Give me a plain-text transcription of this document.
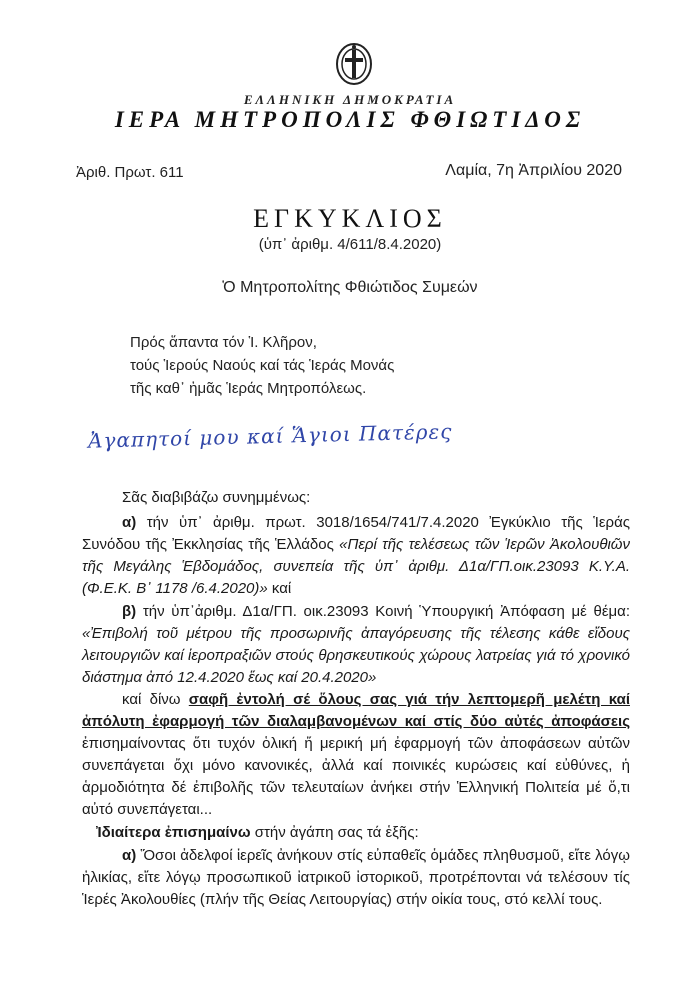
ΕΛΛΗΝΙΚΗ ΔΗΜΟΚΡΑΤΙΑ
ΙΕΡΑ ΜΗΤΡΟΠΟΛΙΣ ΦΘΙΩΤΙΔΟΣ
Ἀριθ. Πρωτ. 611	Λαμία, 7η Ἀπριλίου 2020
ΕΓΚΥΚΛΙΟΣ
(ὑπ᾽ ἀριθμ. 4/611/8.4.2020)
Ὁ Μητροπολίτης Φθιώτιδος Συμεών
Πρός ἅπαντα τόν Ἱ. Κλῆρον,
τούς Ἱερούς Ναούς καί τάς Ἱεράς Μονάς
τῆς καθ᾽ ἡμᾶς Ἱεράς Μητροπόλεως.
Ἀγαπητοί μου καί Ἅγιοι Πατέρες
Σᾶς διαβιβάζω συνημμένως:
α) τήν ὑπ᾽ ἀριθμ. πρωτ. 3018/1654/741/7.4.2020 Ἐγκύκλιο τῆς Ἱεράς Συνόδου τῆς Ἐκκλησίας τῆς Ἑλλάδος «Περί τῆς τελέσεως τῶν Ἱερῶν Ἀκολουθιῶν τῆς Μεγάλης Ἑβδομάδος, συνεπεία τῆς ὑπ᾽ ἀριθμ. Δ1α/ΓΠ.οικ.23093 Κ.Υ.Α. (Φ.Ε.Κ. Β᾽ 1178 /6.4.2020)» καί
β) τήν ὑπ᾽ἀριθμ. Δ1α/ΓΠ. οικ.23093 Κοινή Ὑπουργική Ἀπόφαση μέ θέμα: «Ἐπιβολή τοῦ μέτρου τῆς προσωρινῆς ἀπαγόρευσης τῆς τέλεσης κάθε εἴδους λειτουργιῶν καί ἱεροπραξιῶν στούς θρησκευτικούς χώρους λατρείας γιά τό χρονικό διάστημα ἀπό 12.4.2020 ἕως καί 20.4.2020»
καί δίνω σαφῆ ἐντολή σέ ὅλους σας γιά τήν λεπτομερῆ μελέτη καί ἀπόλυτη ἐφαρμογή τῶν διαλαμβανομένων καί στίς δύο αὐτές ἀποφάσεις ἐπισημαίνοντας ὅτι τυχόν ὁλική ἤ μερική μή ἐφαρμογή τῶν ἀποφάσεων αὐτῶν συνεπάγεται ὄχι μόνο κανονικές, ἀλλά καί ποινικές κυρώσεις καί εὐθύνες, ἡ ἁρμοδιότητα δέ ἐπιβολῆς τῶν τελευταίων ἀνήκει στήν Ἑλληνική Πολιτεία μέ ὅ,τι αὐτό συνεπάγεται...
Ἰδιαίτερα ἐπισημαίνω στήν ἀγάπη σας τά ἑξῆς:
α) Ὅσοι ἀδελφοί ἱερεῖς ἀνήκουν στίς εὐπαθεῖς ὁμάδες πληθυσμοῦ, εἴτε λόγῳ ἡλικίας, εἴτε λόγῳ προσωπικοῦ ἰατρικοῦ ἱστορικοῦ, προτρέπονται νά τελέσουν τίς Ἱερές Ἀκολουθίες (πλήν τῆς Θείας Λειτουργίας) στήν οἰκία τους, στό κελλί τους.
